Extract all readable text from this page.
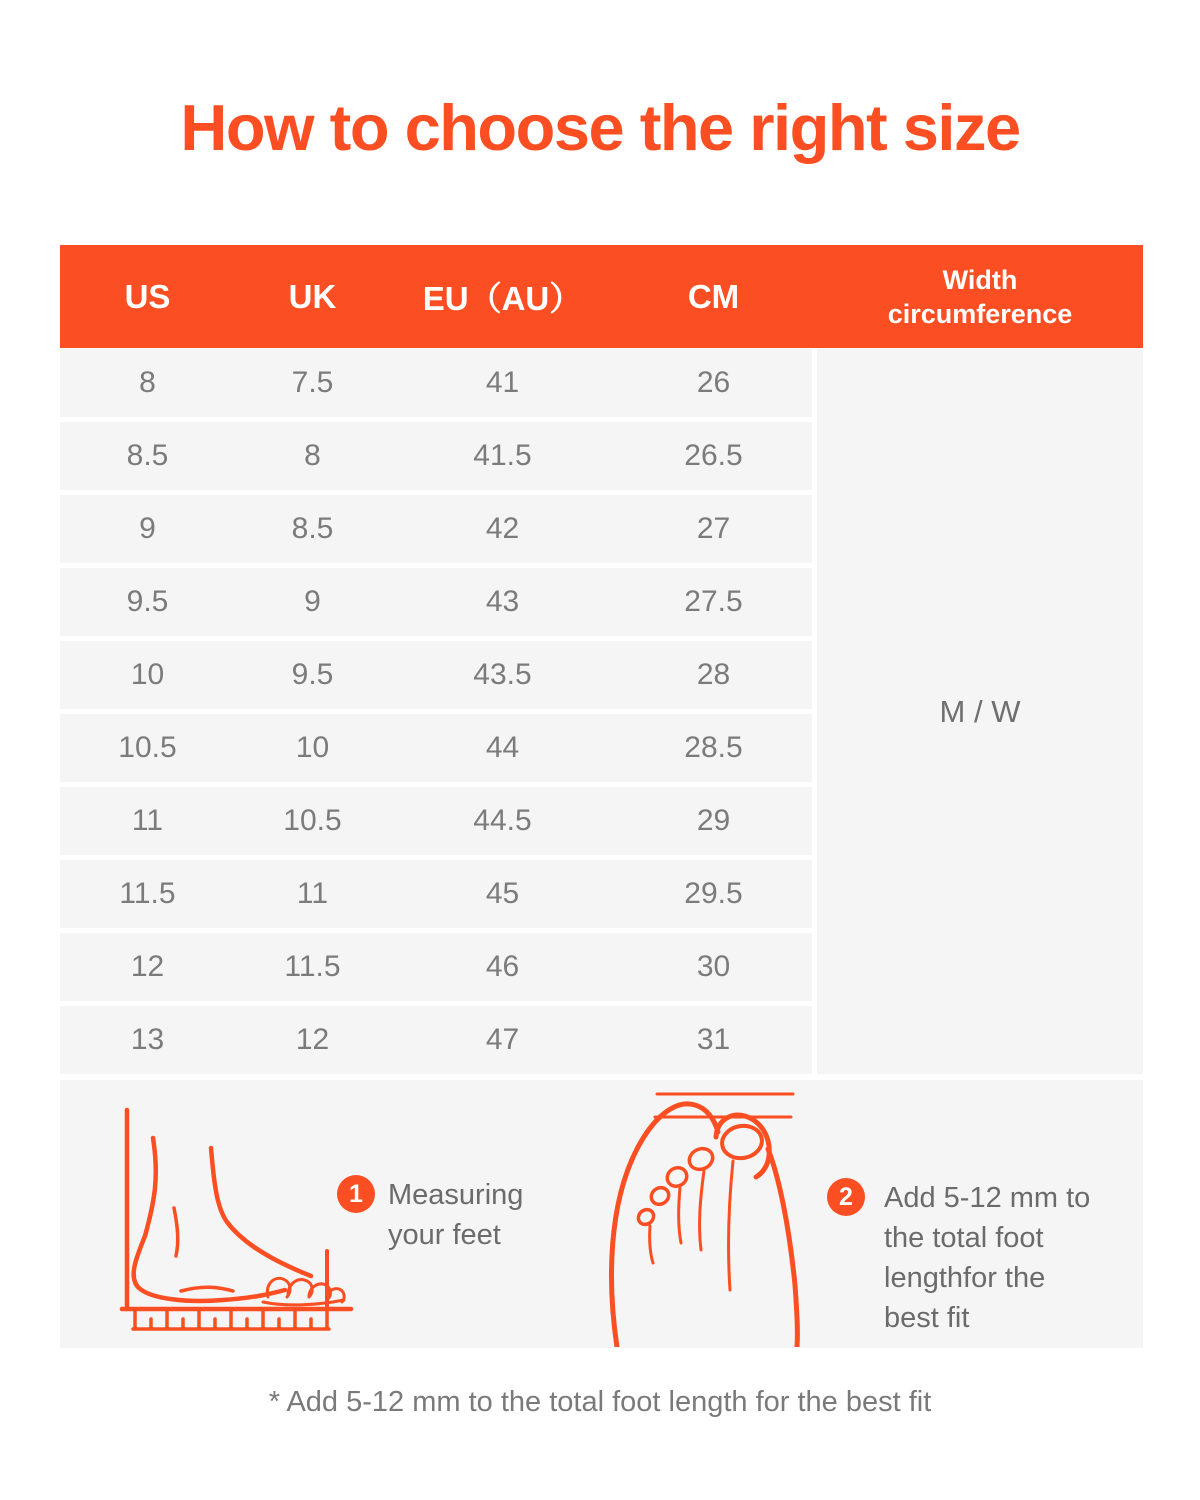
How to choose the right size
US	UK	EU（AU）	CM	Width
circumference
8	7.5	41	26
8.5	8	41.5	26.5
9	8.5	42	27
9.5	9	43	27.5
10	9.5	43.5	28
10.5	10	44	28.5
11	10.5	44.5	29
11.5	11	45	29.5
12	11.5	46	30
13	12	47	31
M / W
1 Measuring
your feet
2 Add 5-12 mm to
the total foot
lengthfor the
best fit
* Add 5-12 mm to the total foot length for the best fit
